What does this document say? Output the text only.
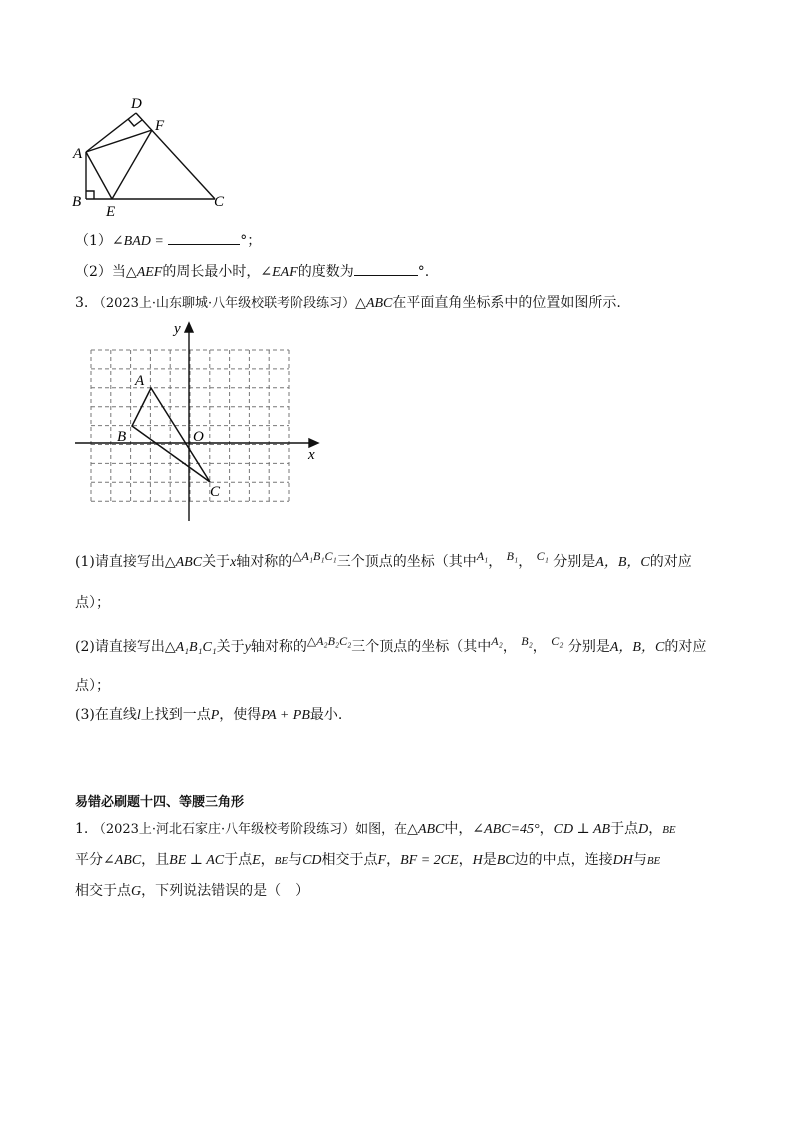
D
F
A
B
E
C
（1）∠BAD =	°；
（2）当△AEF的周长最小时，∠EAF的度数为	°.
3. （2023上·山东聊城·八年级校联考阶段练习）△ABC在平面直角坐标系中的位置如图所示.
y
x
A
B	O
C
(1)请直接写出△ABC关于x轴对称的△A₁B₁C₁三个顶点的坐标（其中A₁， B₁， C₁ 分别是A，B，C的对应
点）；
(2)请直接写出△A₁B₁C₁关于y轴对称的△A₂B₂C₂三个顶点的坐标（其中A₂， B₂， C₂ 分别是A，B，C的对应
点）；
(3)在直线l上找到一点P，使得PA + PB最小.
易错必刷题十四、等腰三角形
1. （2023上·河北石家庄·八年级校考阶段练习）如图，在△ABC中，∠ABC=45°，CD ⊥ AB于点D，BE
平分∠ABC，且BE ⊥ AC于点E，BE与CD相交于点F，BF = 2CE，H是BC边的中点，连接DH与BE
相交于点G，下列说法错误的是（　）
